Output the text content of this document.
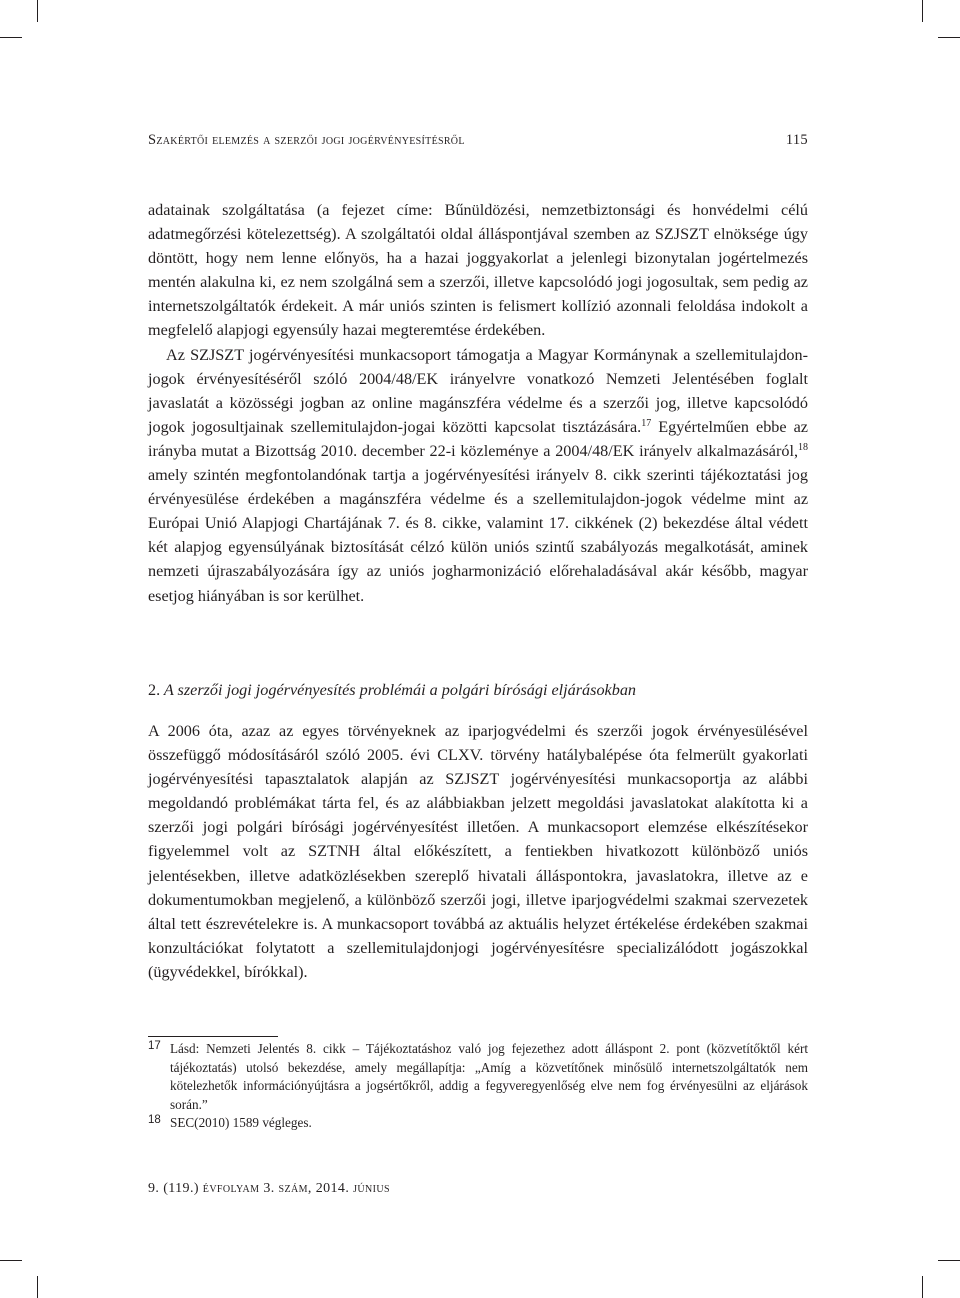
Szakértői elemzés a szerzői jogi jogérvényesítésről	115

adatainak szolgáltatása (a fejezet címe: Bűnüldözési, nemzetbiztonsági és honvédelmi célú adatmegőrzési kötelezettség). A szolgáltatói oldal álláspontjával szemben az SZJSZT elnöksége úgy döntött, hogy nem lenne előnyös, ha a hazai joggyakorlat a jelenlegi bizonytalan jogértelmezés mentén alakulna ki, ez nem szolgálná sem a szerzői, illetve kapcsolódó jogi jogosultak, sem pedig az internetszolgáltatók érdekeit. A már uniós szinten is felismert kollízió azonnali feloldása indokolt a megfelelő alapjogi egyensúly hazai megteremtése érdekében.

Az SZJSZT jogérvényesítési munkacsoport támogatja a Magyar Kormánynak a szellemitulajdon-jogok érvényesítéséről szóló 2004/48/EK irányelvre vonatkozó Nemzeti Jelentésében foglalt javaslatát a közösségi jogban az online magánszféra védelme és a szerzői jog, illetve kapcsolódó jogok jogosultjainak szellemitulajdon-jogai közötti kapcsolat tisztázására.$^{17}$ Egyértelműen ebbe az irányba mutat a Bizottság 2010. december 22-i közleménye a 2004/48/EK irányelv alkalmazásáról,$^{18}$ amely szintén megfontolandónak tartja a jogérvényesítési irányelv 8. cikk szerinti tájékoztatási jog érvényesülése érdekében a magánszféra védelme és a szellemitulajdon-jogok védelme mint az Európai Unió Alapjogi Chartájának 7. és 8. cikke, valamint 17. cikkének (2) bekezdése által védett két alapjog egyensúlyának biztosítását célzó külön uniós szintű szabályozás megalkotását, aminek nemzeti újraszabályozására így az uniós jogharmonizáció előrehaladásával akár később, magyar esetjog hiányában is sor kerülhet.

2. A szerzői jogi jogérvényesítés problémái a polgári bírósági eljárásokban

A 2006 óta, azaz az egyes törvényeknek az iparjogvédelmi és szerzői jogok érvényesülésével összefüggő módosításáról szóló 2005. évi CLXV. törvény hatálybalépése óta felmerült gyakorlati jogérvényesítési tapasztalatok alapján az SZJSZT jogérvényesítési munkacsoportja az alábbi megoldandó problémákat tárta fel, és az alábbiakban jelzett megoldási javaslatokat alakította ki a szerzői jogi polgári bírósági jogérvényesítést illetően. A munkacsoport elemzése elkészítésekor figyelemmel volt az SZTNH által előkészített, a fentiekben hivatkozott különböző uniós jelentésekben, illetve adatközlésekben szereplő hivatali álláspontokra, javaslatokra, illetve az e dokumentumokban megjelenő, a különböző szerzői jogi, illetve iparjogvédelmi szakmai szervezetek által tett észrevételekre is. A munkacsoport továbbá az aktuális helyzet értékelése érdekében szakmai konzultációkat folytatott a szellemitulajdonjogi jogérvényesítésre specializálódott jogászokkal (ügyvédekkel, bírókkal).

17 Lásd: Nemzeti Jelentés 8. cikk – Tájékoztatáshoz való jog fejezethez adott álláspont 2. pont (közvetítőktől kért tájékoztatás) utolsó bekezdése, amely megállapítja: „Amíg a közvetítőnek minősülő internetszolgáltatók nem kötelezhetők információnyújtásra a jogsértőkről, addig a fegyveregyenlőség elve nem fog érvényesülni az eljárások során.”
18 SEC(2010) 1589 végleges.
9. (119.) évfolyam 3. szám, 2014. június
